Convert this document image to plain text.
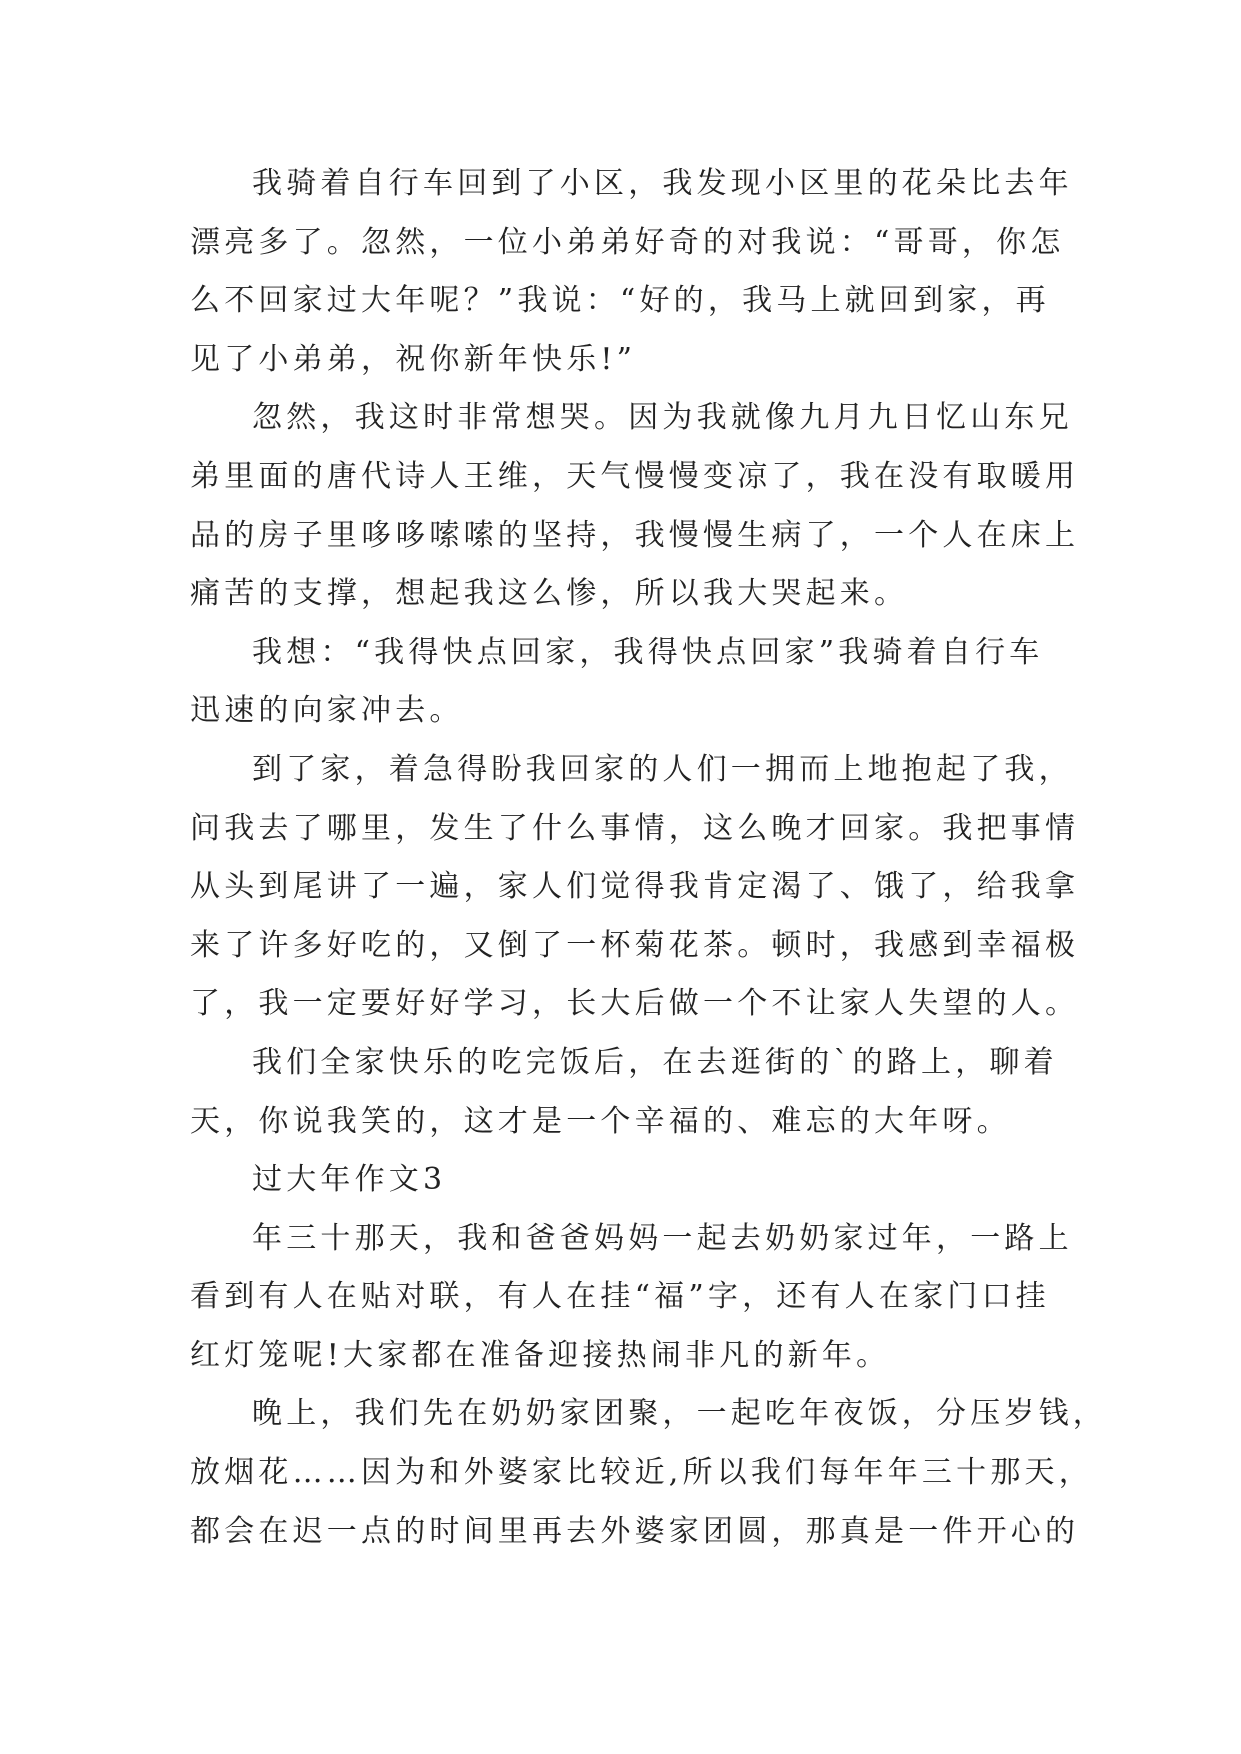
我骑着自行车回到了小区，我发现小区里的花朵比去年
漂亮多了。忽然，一位小弟弟好奇的对我说：“哥哥，你怎
么不回家过大年呢？”我说：“好的，我马上就回到家，再
见了小弟弟，祝你新年快乐!”
忽然，我这时非常想哭。因为我就像九月九日忆山东兄
弟里面的唐代诗人王维，天气慢慢变凉了，我在没有取暖用
品的房子里哆哆嗦嗦的坚持，我慢慢生病了，一个人在床上
痛苦的支撑，想起我这么惨，所以我大哭起来。
我想：“我得快点回家，我得快点回家”我骑着自行车
迅速的向家冲去。
到了家，着急得盼我回家的人们一拥而上地抱起了我，
问我去了哪里，发生了什么事情，这么晚才回家。我把事情
从头到尾讲了一遍，家人们觉得我肯定渴了、饿了，给我拿
来了许多好吃的，又倒了一杯菊花茶。顿时，我感到幸福极
了，我一定要好好学习，长大后做一个不让家人失望的人。
我们全家快乐的吃完饭后，在去逛街的`的路上，聊着
天，你说我笑的，这才是一个辛福的、难忘的大年呀。
过大年作文3
年三十那天，我和爸爸妈妈一起去奶奶家过年，一路上
看到有人在贴对联，有人在挂“福”字，还有人在家门口挂
红灯笼呢!大家都在准备迎接热闹非凡的新年。
晚上，我们先在奶奶家团聚，一起吃年夜饭，分压岁钱，
放烟花……因为和外婆家比较近,所以我们每年年三十那天，
都会在迟一点的时间里再去外婆家团圆，那真是一件开心的
